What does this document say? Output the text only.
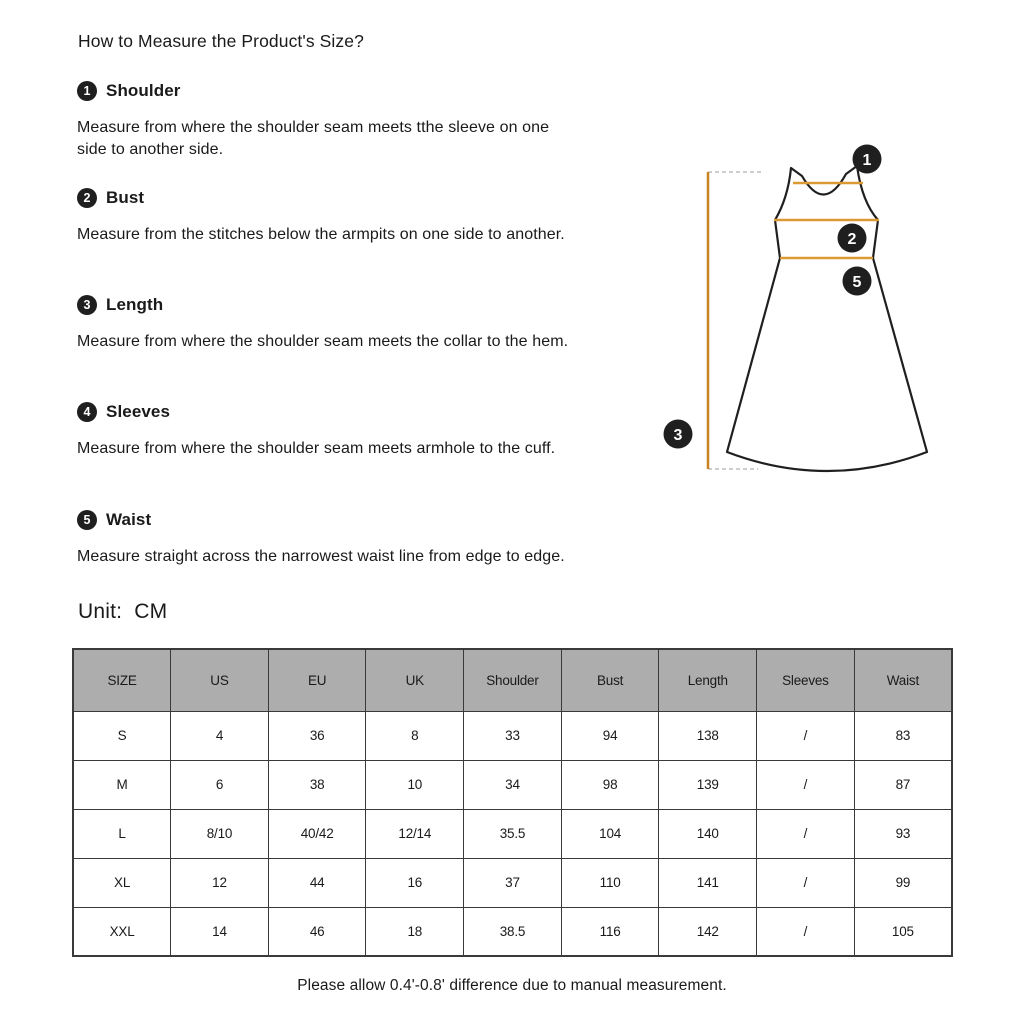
How to Measure the Product's Size?
1 Shoulder

Measure from where the shoulder seam meets tthe sleeve on one side to another side.

2 Bust

Measure from the stitches below the armpits on one side to another.

3 Length

Measure from where the shoulder seam meets the collar to the hem.

4 Sleeves

Measure from where the shoulder seam meets armhole to the cuff.

5 Waist

Measure straight across the narrowest waist line from edge to edge.

Unit:  CM
1
2
5
3
SIZE	US	EU	UK	Shoulder	Bust	Length	Sleeves	Waist
S	4	36	8	33	94	138	/	83
M	6	38	10	34	98	139	/	87
L	8/10	40/42	12/14	35.5	104	140	/	93
XL	12	44	16	37	110	141	/	99
XXL	14	46	18	38.5	116	142	/	105
Please allow 0.4'-0.8' difference due to manual measurement.
